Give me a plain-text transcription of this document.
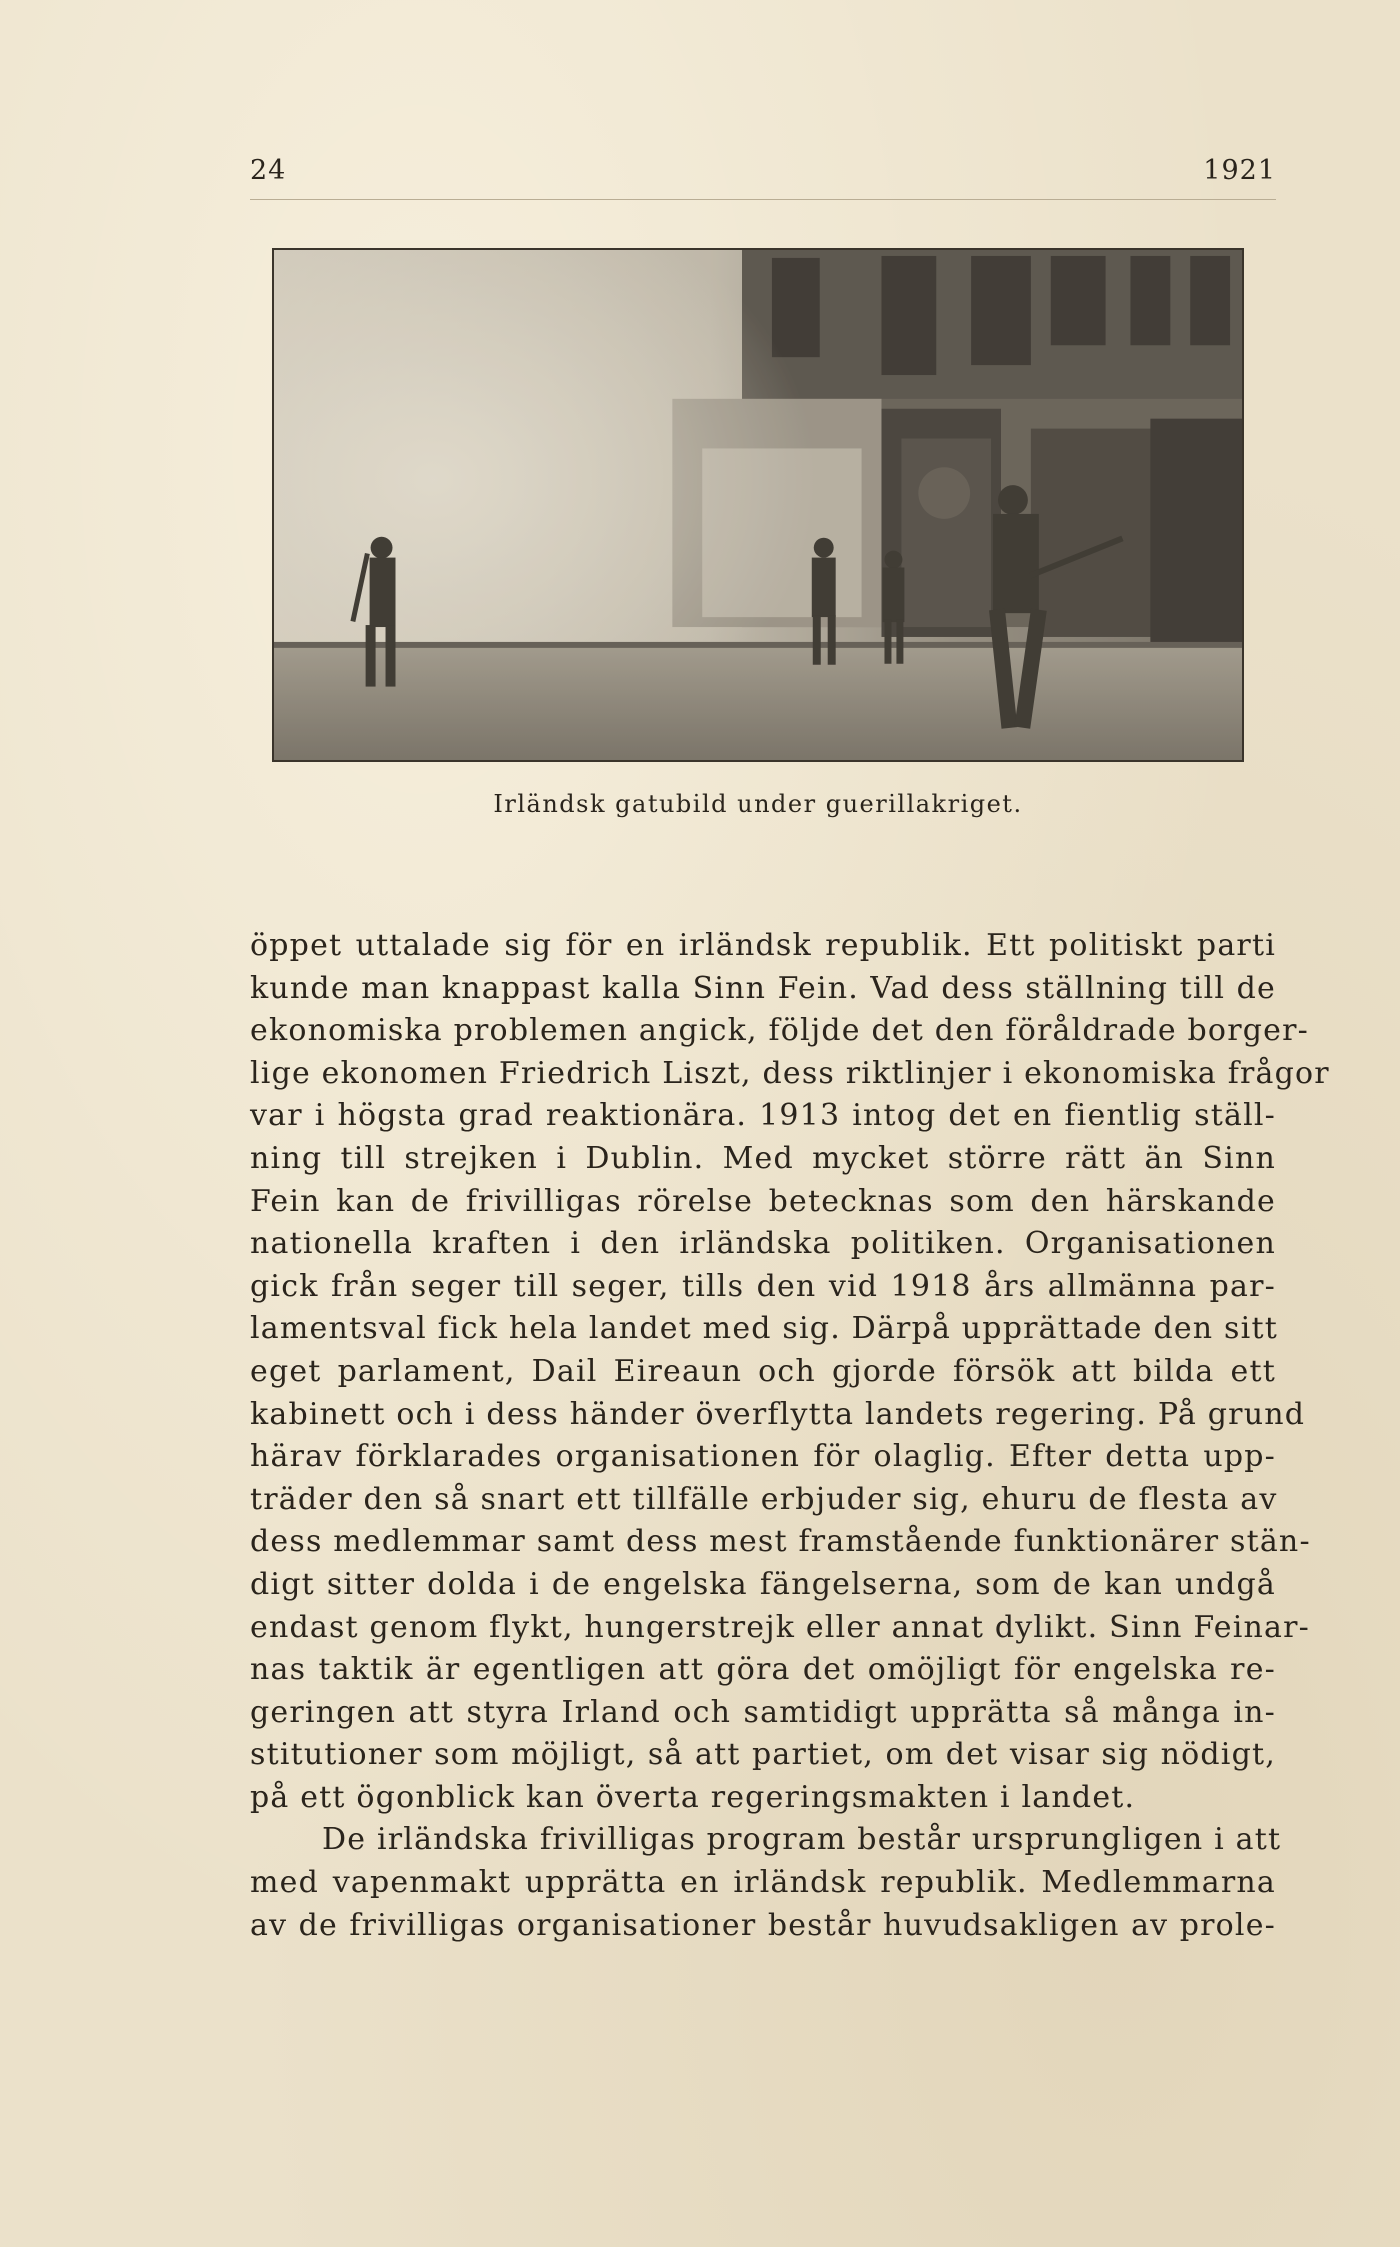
24	1921
Irländsk gatubild under guerillakriget.
öppet uttalade sig för en irländsk republik. Ett politiskt parti
kunde man knappast kalla Sinn Fein. Vad dess ställning till de
ekonomiska problemen angick, följde det den föråldrade borger-
lige ekonomen Friedrich Liszt, dess riktlinjer i ekonomiska frågor
var i högsta grad reaktionära. 1913 intog det en fientlig ställ-
ning till strejken i Dublin. Med mycket större rätt än Sinn
Fein kan de frivilligas rörelse betecknas som den härskande
nationella kraften i den irländska politiken. Organisationen
gick från seger till seger, tills den vid 1918 års allmänna par-
lamentsval fick hela landet med sig. Därpå upprättade den sitt
eget parlament, Dail Eireaun och gjorde försök att bilda ett
kabinett och i dess händer överflytta landets regering. På grund
härav förklarades organisationen för olaglig. Efter detta upp-
träder den så snart ett tillfälle erbjuder sig, ehuru de flesta av
dess medlemmar samt dess mest framstående funktionärer stän-
digt sitter dolda i de engelska fängelserna, som de kan undgå
endast genom flykt, hungerstrejk eller annat dylikt. Sinn Feinar-
nas taktik är egentligen att göra det omöjligt för engelska re-
geringen att styra Irland och samtidigt upprätta så många in-
stitutioner som möjligt, så att partiet, om det visar sig nödigt,
på ett ögonblick kan överta regeringsmakten i landet.
De irländska frivilligas program består ursprungligen i att
med vapenmakt upprätta en irländsk republik. Medlemmarna
av de frivilligas organisationer består huvudsakligen av prole-
